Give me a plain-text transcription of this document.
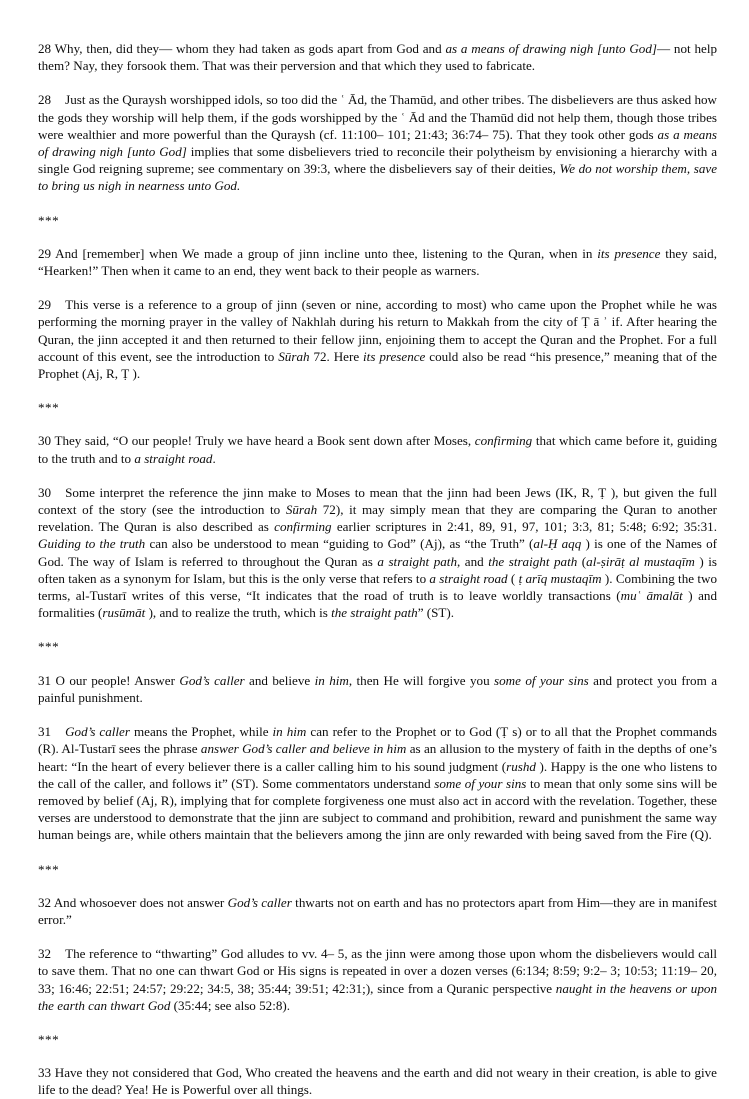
28 Why, then, did they— whom they had taken as gods apart from God and as a means of drawing nigh [unto God]— not help them? Nay, they forsook them. That was their perversion and that which they used to fabricate.

28 Just as the Quraysh worshipped idols, so too did the ʿ Ād, the Thamūd, and other tribes. The disbelievers are thus asked how the gods they worship will help them, if the gods worshipped by the ʿ Ād and the Thamūd did not help them, though those tribes were wealthier and more powerful than the Quraysh (cf. 11:100– 101; 21:43; 36:74– 75). That they took other gods as a means of drawing nigh [unto God] implies that some disbelievers tried to reconcile their polytheism by envisioning a hierarchy with a single God reigning supreme; see commentary on 39:3, where the disbelievers say of their deities, We do not worship them, save to bring us nigh in nearness unto God.

***

29 And [remember] when We made a group of jinn incline unto thee, listening to the Quran, when in its presence they said, “Hearken!” Then when it came to an end, they went back to their people as warners.

29 This verse is a reference to a group of jinn (seven or nine, according to most) who came upon the Prophet while he was performing the morning prayer in the valley of Nakhlah during his return to Makkah from the city of Ṭ ā ʾ if. After hearing the Quran, the jinn accepted it and then returned to their fellow jinn, enjoining them to accept the Quran and the Prophet. For a full account of this event, see the introduction to Sūrah 72. Here its presence could also be read “his presence,” meaning that of the Prophet (Aj, R, Ṭ ).

***

30 They said, “O our people! Truly we have heard a Book sent down after Moses, confirming that which came before it, guiding to the truth and to a straight road.

30 Some interpret the reference the jinn make to Moses to mean that the jinn had been Jews (IK, R, Ṭ ), but given the full context of the story (see the introduction to Sūrah 72), it may simply mean that they are comparing the Quran to another revelation. The Quran is also described as confirming earlier scriptures in 2:41, 89, 91, 97, 101; 3:3, 81; 5:48; 6:92; 35:31. Guiding to the truth can also be understood to mean “guiding to God” (Aj), as “the Truth” (al-Ḥ aqq ) is one of the Names of God. The way of Islam is referred to throughout the Quran as a straight path, and the straight path (al-ṣirāṭ al mustaqīm ) is often taken as a synonym for Islam, but this is the only verse that refers to a straight road ( ṭ arīq mustaqīm ). Combining the two terms, al-Tustarī writes of this verse, “It indicates that the road of truth is to leave worldly transactions (muʿ āmalāt ) and formalities (rusūmāt ), and to realize the truth, which is the straight path” (ST).

***

31 O our people! Answer God’s caller and believe in him, then He will forgive you some of your sins and protect you from a painful punishment.

31 God’s caller means the Prophet, while in him can refer to the Prophet or to God (Ṭ s) or to all that the Prophet commands (R). Al-Tustarī sees the phrase answer God’s caller and believe in him as an allusion to the mystery of faith in the depths of one’s heart: “In the heart of every believer there is a caller calling him to his sound judgment (rushd ). Happy is the one who listens to the call of the caller, and follows it” (ST). Some commentators understand some of your sins to mean that only some sins will be removed by belief (Aj, R), implying that for complete forgiveness one must also act in accord with the revelation. Together, these verses are understood to demonstrate that the jinn are subject to command and prohibition, reward and punishment the same way human beings are, while others maintain that the believers among the jinn are only rewarded with being saved from the Fire (Q).

***

32 And whosoever does not answer God’s caller thwarts not on earth and has no protectors apart from Him—they are in manifest error.”

32 The reference to “thwarting” God alludes to vv. 4– 5, as the jinn were among those upon whom the disbelievers would call to save them. That no one can thwart God or His signs is repeated in over a dozen verses (6:134; 8:59; 9:2– 3; 10:53; 11:19– 20, 33; 16:46; 22:51; 24:57; 29:22; 34:5, 38; 35:44; 39:51; 42:31;), since from a Quranic perspective naught in the heavens or upon the earth can thwart God (35:44; see also 52:8).

***

33 Have they not considered that God, Who created the heavens and the earth and did not weary in their creation, is able to give life to the dead? Yea! He is Powerful over all things.
